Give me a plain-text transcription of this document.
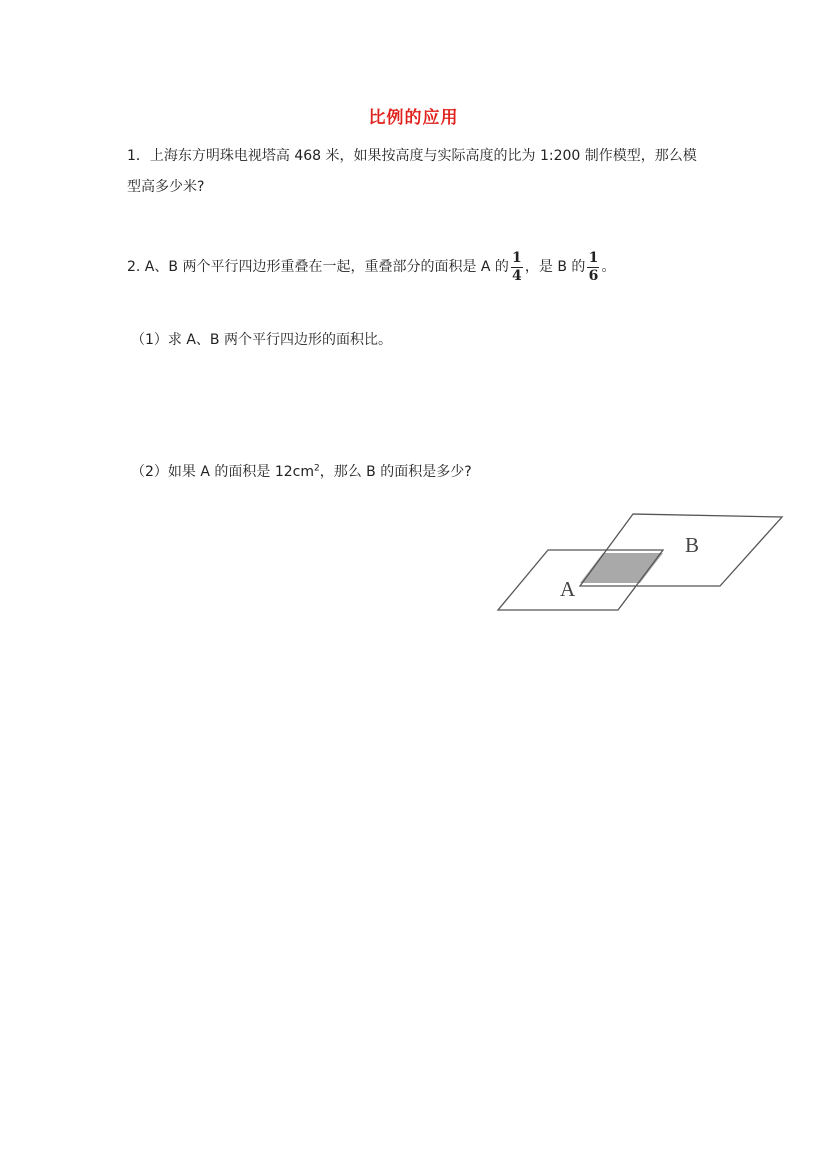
比例的应用
1．上海东方明珠电视塔高 468 米，如果按高度与实际高度的比为 1:200 制作模型，那么模
型高多少米?
2. A、B 两个平行四边形重叠在一起，重叠部分的面积是 A 的 $\frac{1}{4}$ ，是 B 的 $\frac{1}{6}$ 。
（1）求 A、B 两个平行四边形的面积比。
（2）如果 A 的面积是 $12cm^2$，那么 B 的面积是多少?
A
B
